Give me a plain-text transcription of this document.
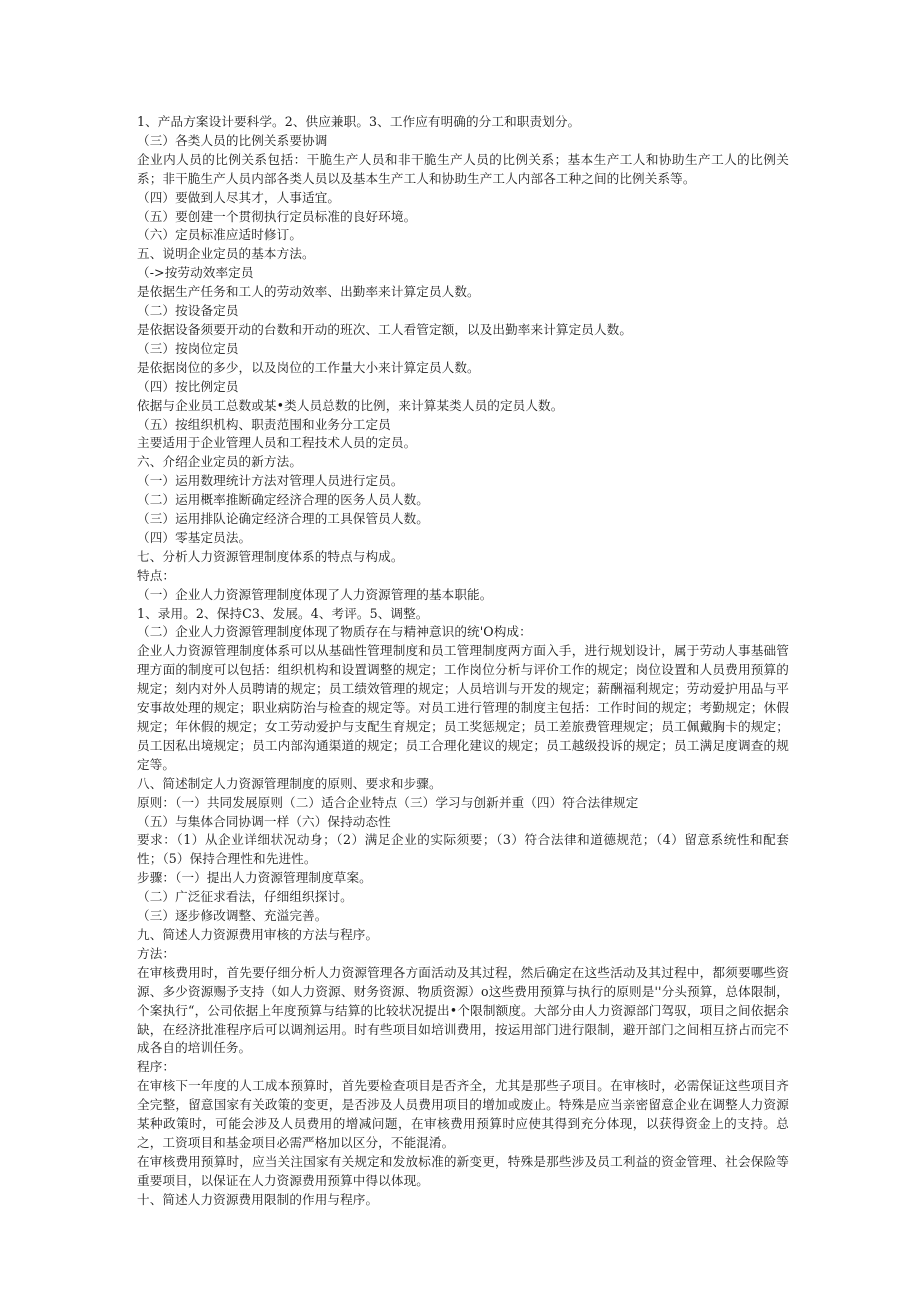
1、产品方案设计要科学。2、供应兼职。3、工作应有明确的分工和职责划分。

（三）各类人员的比例关系要协调

企业内人员的比例关系包括：干脆生产人员和非干脆生产人员的比例关系；基本生产工人和协助生产工人的比例关系；非干脆生产人员内部各类人员以及基本生产工人和协助生产工人内部各工种之间的比例关系等。

（四）要做到人尽其才，人事适宜。

（五）要创建一个贯彻执行定员标准的良好环境。

（六）定员标准应适时修订。

五、说明企业定员的基本方法。

（->按劳动效率定员

是依据生产任务和工人的劳动效率、出勤率来计算定员人数。

（二）按设备定员

是依据设备须要开动的台数和开动的班次、工人看管定额，以及出勤率来计算定员人数。

（三）按岗位定员

是依据岗位的多少，以及岗位的工作量大小来计算定员人数。

（四）按比例定员

依据与企业员工总数或某•类人员总数的比例，来计算某类人员的定员人数。

（五）按组织机构、职责范围和业务分工定员

主要适用于企业管理人员和工程技术人员的定员。

六、介绍企业定员的新方法。

（一）运用数理统计方法对管理人员进行定员。

（二）运用概率推断确定经济合理的医务人员人数。

（三）运用排队论确定经济合理的工具保管员人数。

（四）零基定员法。

七、分析人力资源管理制度体系的特点与构成。

特点：

（一）企业人力资源管理制度体现了人力资源管理的基本职能。

1、录用。2、保持C3、发展。4、考评。5、调整。

（二）企业人力资源管理制度体现了物质存在与精神意识的统'O构成：

企业人力资源管理制度体系可以从基础性管理制度和员工管理制度两方面入手，进行规划设计，属于劳动人事基础管理方面的制度可以包括：组织机构和设置调整的规定；工作岗位分析与评价工作的规定；岗位设置和人员费用预算的规定；刻内对外人员聘请的规定；员工绩效管理的规定；人员培训与开发的规定；薪酬福利规定；劳动爱护用品与平安事故处理的规定；职业病防治与检查的规定等。对员工进行管理的制度主包括：工作时间的规定；考勤规定；休假规定；年休假的规定；女工劳动爱护与支配生育规定；员工奖惩规定；员工差旅费管理规定；员工佩戴胸卡的规定；员工因私出境规定；员工内部沟通渠道的规定；员工合理化建议的规定；员工越级投诉的规定；员工满足度调查的规定等。

八、简述制定人力资源管理制度的原则、要求和步骤。

原则：（一）共同发展原则（二）适合企业特点（三）学习与创新并重（四）符合法律规定

（五）与集体合同协调一样（六）保持动态性

要求：（1）从企业详细状况动身；（2）满足企业的实际须要；（3）符合法律和道德规范；（4）留意系统性和配套性；（5）保持合理性和先进性。

步骤：（一）提出人力资源管理制度草案。

（二）广泛征求看法，仔细组织探讨。

（三）逐步修改调整、充溢完善。

九、简述人力资源费用审核的方法与程序。

方法：

在审核费用时，首先要仔细分析人力资源管理各方面活动及其过程，然后确定在这些活动及其过程中，都须要哪些资源、多少资源赐予支持（如人力资源、财务资源、物质资源）o这些费用预算与执行的原则是''分头预算，总体限制，个案执行“，公司依据上年度预算与结算的比较状况提出•个限制额度。大部分由人力资源部门驾驭，项目之间依据余缺，在经济批准程序后可以调剂运用。时有些项目如培训费用，按运用部门进行限制，避开部门之间相互挤占而完不成各自的培训任务。

程序：

在审核下一年度的人工成本预算时，首先要检查项目是否齐全，尤其是那些子项目。在审核时，必需保证这些项目齐全完整，留意国家有关政策的变更，是否涉及人员费用项目的增加或废止。特殊是应当亲密留意企业在调整人力资源某种政策时，可能会涉及人员费用的增减问题，在审核费用预算时应使其得到充分体现，以获得资金上的支持。总之，工资项目和基金项目必需严格加以区分，不能混淆。

在审核费用预算时，应当关注国家有关规定和发放标准的新变更，特殊是那些涉及员工利益的资金管理、社会保险等重要项目，以保证在人力资源费用预算中得以体现。

十、简述人力资源费用限制的作用与程序。
